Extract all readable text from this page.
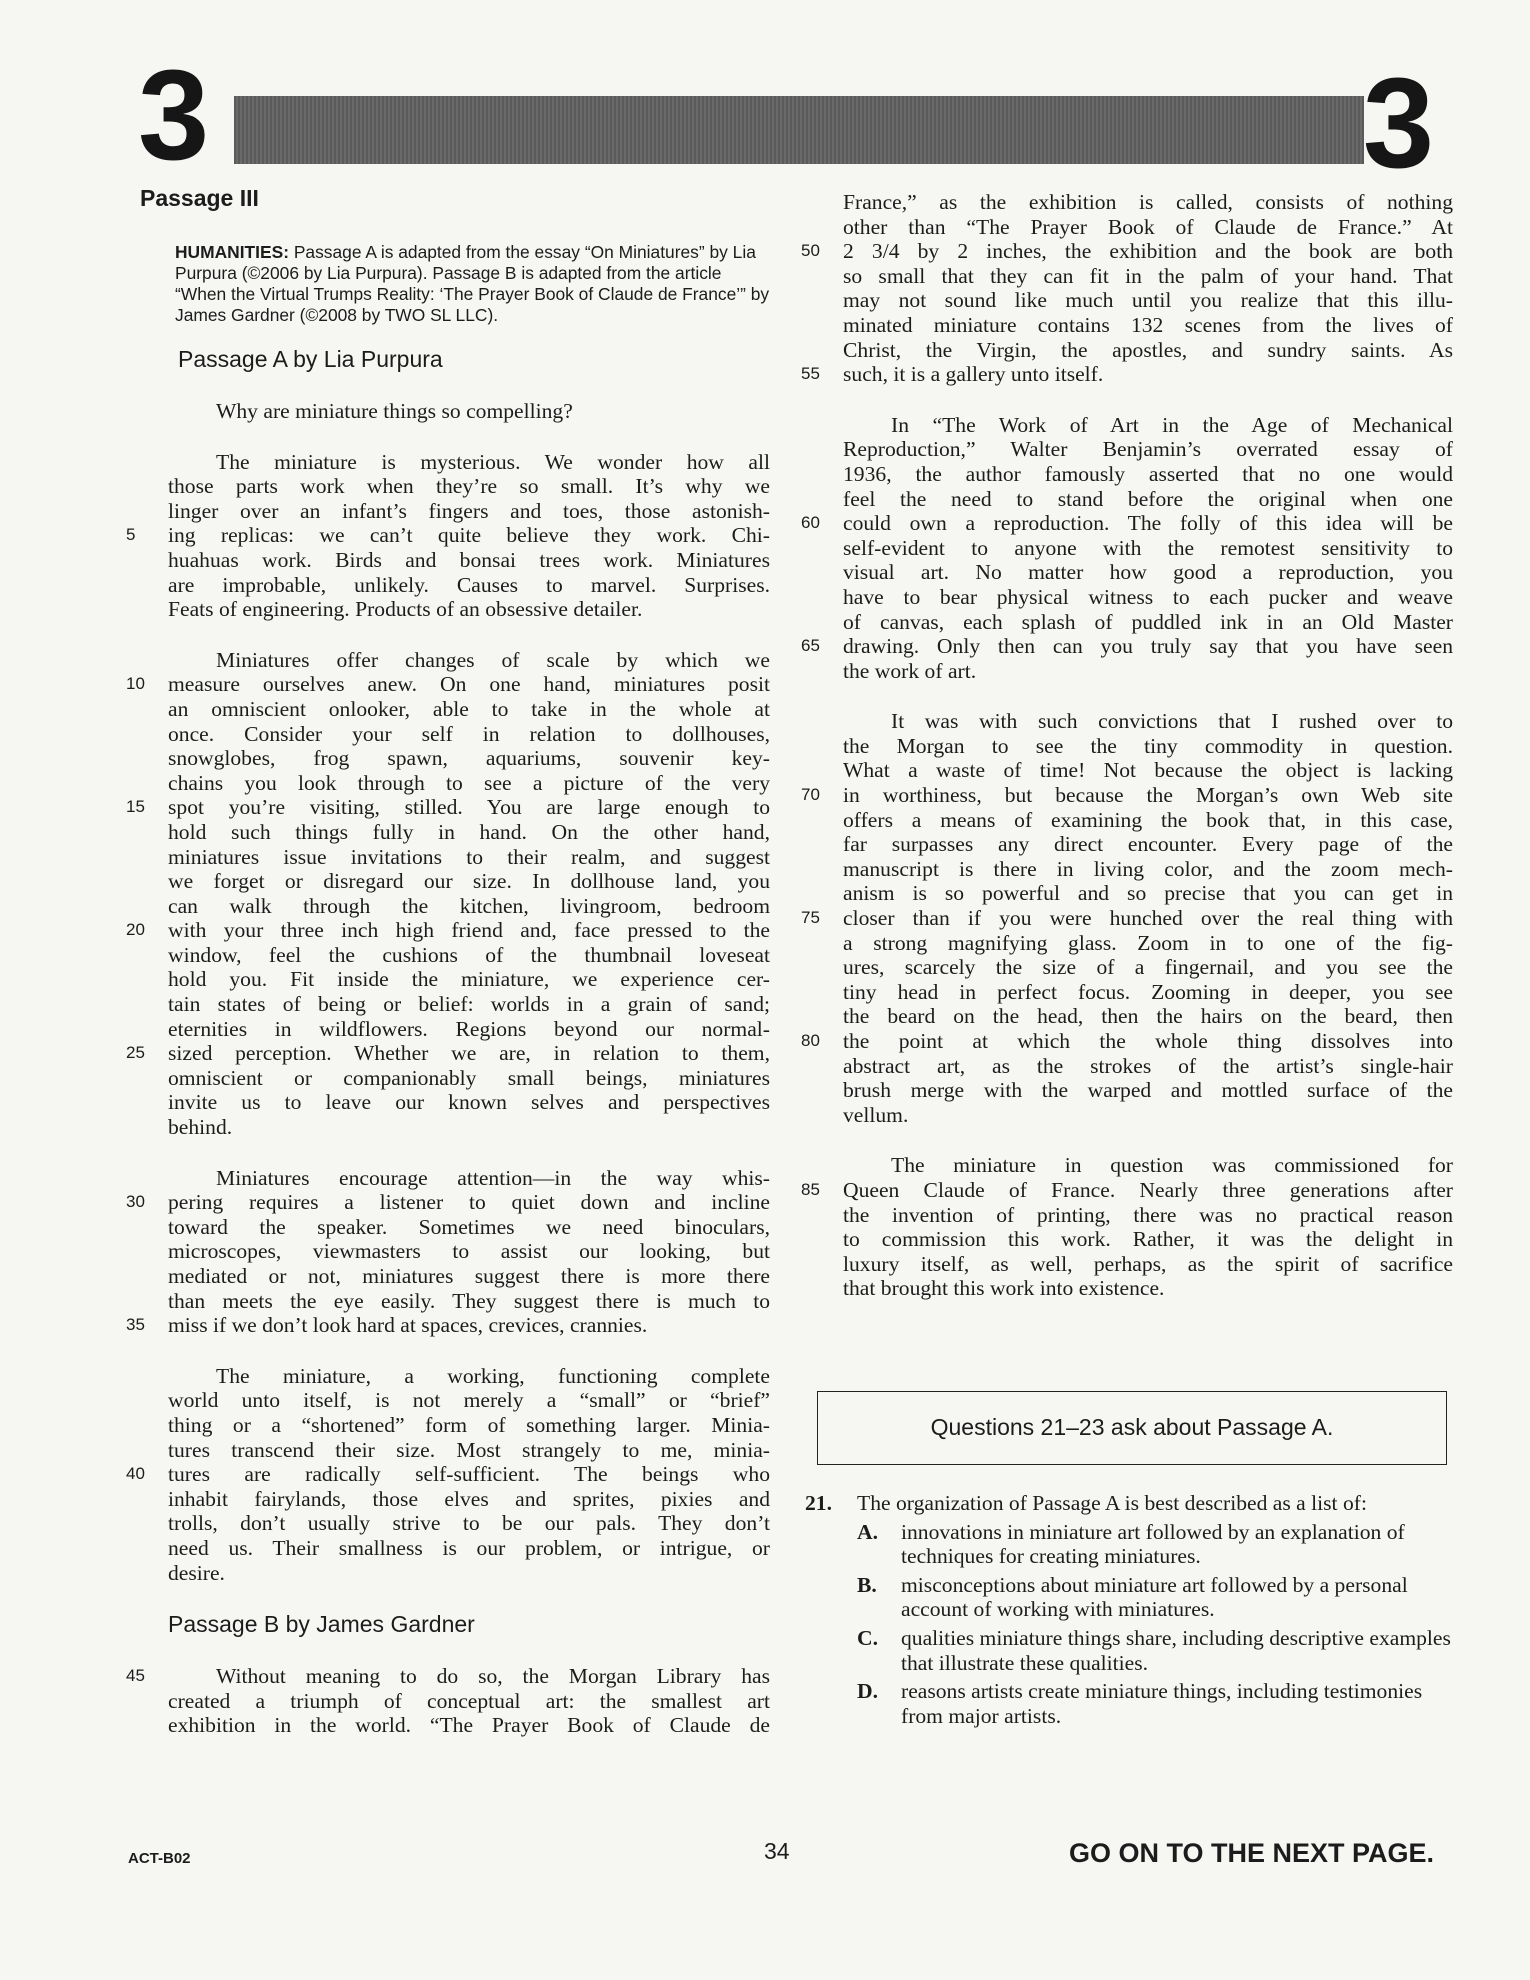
3	3
Passage III
HUMANITIES: Passage A is adapted from the essay “On Miniatures” by Lia Purpura (©2006 by Lia Purpura). Passage B is adapted from the article “When the Virtual Trumps Reality: ‘The Prayer Book of Claude de France’” by James Gardner (©2008 by TWO SL LLC).
Passage A by Lia Purpura
Why are miniature things so compelling?
The miniature is mysterious. We wonder how all
those parts work when they’re so small. It’s why we
linger over an infant’s fingers and toes, those astonish-
5	ing replicas: we can’t quite believe they work. Chi-
huahuas work. Birds and bonsai trees work. Miniatures
are improbable, unlikely. Causes to marvel. Surprises.
Feats of engineering. Products of an obsessive detailer.
Miniatures offer changes of scale by which we
10	measure ourselves anew. On one hand, miniatures posit
an omniscient onlooker, able to take in the whole at
once. Consider your self in relation to dollhouses,
snowglobes, frog spawn, aquariums, souvenir key-
chains you look through to see a picture of the very
15	spot you’re visiting, stilled. You are large enough to
hold such things fully in hand. On the other hand,
miniatures issue invitations to their realm, and suggest
we forget or disregard our size. In dollhouse land, you
can walk through the kitchen, livingroom, bedroom
20	with your three inch high friend and, face pressed to the
window, feel the cushions of the thumbnail loveseat
hold you. Fit inside the miniature, we experience cer-
tain states of being or belief: worlds in a grain of sand;
eternities in wildflowers. Regions beyond our normal-
25	sized perception. Whether we are, in relation to them,
omniscient or companionably small beings, miniatures
invite us to leave our known selves and perspectives
behind.
Miniatures encourage attention—in the way whis-
30	pering requires a listener to quiet down and incline
toward the speaker. Sometimes we need binoculars,
microscopes, viewmasters to assist our looking, but
mediated or not, miniatures suggest there is more there
than meets the eye easily. They suggest there is much to
35	miss if we don’t look hard at spaces, crevices, crannies.
The miniature, a working, functioning complete
world unto itself, is not merely a “small” or “brief”
thing or a “shortened” form of something larger. Minia-
tures transcend their size. Most strangely to me, minia-
40	tures are radically self-sufficient. The beings who
inhabit fairylands, those elves and sprites, pixies and
trolls, don’t usually strive to be our pals. They don’t
need us. Their smallness is our problem, or intrigue, or
desire.
Passage B by James Gardner
45	Without meaning to do so, the Morgan Library has
created a triumph of conceptual art: the smallest art
exhibition in the world. “The Prayer Book of Claude de
France,” as the exhibition is called, consists of nothing
other than “The Prayer Book of Claude de France.” At
50	2 3/4 by 2 inches, the exhibition and the book are both
so small that they can fit in the palm of your hand. That
may not sound like much until you realize that this illu-
minated miniature contains 132 scenes from the lives of
Christ, the Virgin, the apostles, and sundry saints. As
55	such, it is a gallery unto itself.
In “The Work of Art in the Age of Mechanical
Reproduction,” Walter Benjamin’s overrated essay of
1936, the author famously asserted that no one would
feel the need to stand before the original when one
60	could own a reproduction. The folly of this idea will be
self-evident to anyone with the remotest sensitivity to
visual art. No matter how good a reproduction, you
have to bear physical witness to each pucker and weave
of canvas, each splash of puddled ink in an Old Master
65	drawing. Only then can you truly say that you have seen
the work of art.
It was with such convictions that I rushed over to
the Morgan to see the tiny commodity in question.
What a waste of time! Not because the object is lacking
70	in worthiness, but because the Morgan’s own Web site
offers a means of examining the book that, in this case,
far surpasses any direct encounter. Every page of the
manuscript is there in living color, and the zoom mech-
anism is so powerful and so precise that you can get in
75	closer than if you were hunched over the real thing with
a strong magnifying glass. Zoom in to one of the fig-
ures, scarcely the size of a fingernail, and you see the
tiny head in perfect focus. Zooming in deeper, you see
the beard on the head, then the hairs on the beard, then
80	the point at which the whole thing dissolves into
abstract art, as the strokes of the artist’s single-hair
brush merge with the warped and mottled surface of the
vellum.
The miniature in question was commissioned for
85	Queen Claude of France. Nearly three generations after
the invention of printing, there was no practical reason
to commission this work. Rather, it was the delight in
luxury itself, as well, perhaps, as the spirit of sacrifice
that brought this work into existence.
Questions 21–23 ask about Passage A.
21.	The organization of Passage A is best described as a list of:
A.	innovations in miniature art followed by an explanation of techniques for creating miniatures.
B.	misconceptions about miniature art followed by a personal account of working with miniatures.
C.	qualities miniature things share, including descriptive examples that illustrate these qualities.
D.	reasons artists create miniature things, including testimonies from major artists.
ACT-B02	34	GO ON TO THE NEXT PAGE.
